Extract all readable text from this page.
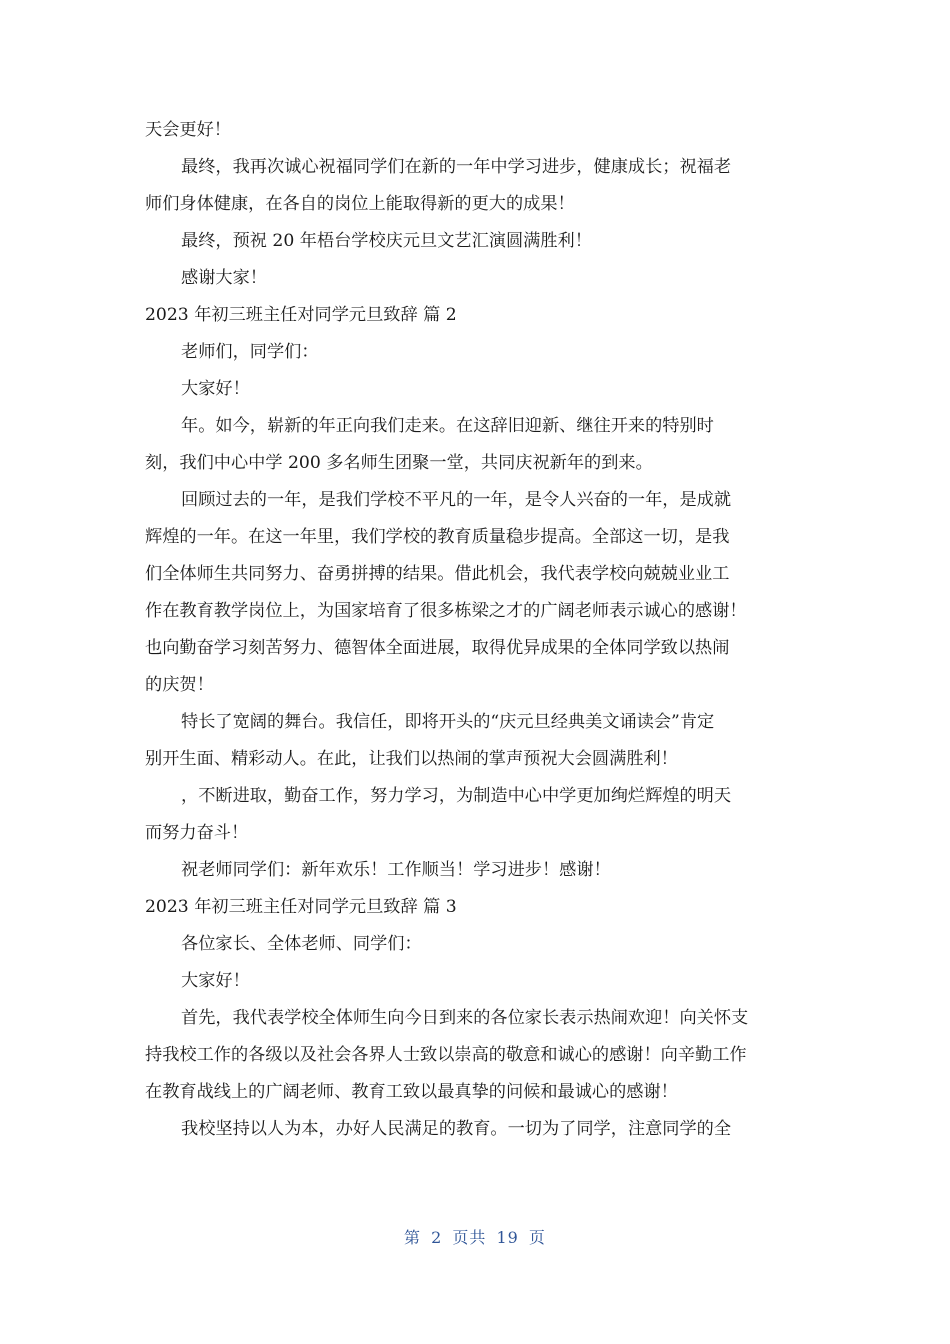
天会更好！
最终，我再次诚心祝福同学们在新的一年中学习进步，健康成长；祝福老
师们身体健康，在各自的岗位上能取得新的更大的成果！
最终，预祝 20 年梧台学校庆元旦文艺汇演圆满胜利！
感谢大家！
2023 年初三班主任对同学元旦致辞 篇 2
老师们，同学们：
大家好！
年。如今，崭新的年正向我们走来。在这辞旧迎新、继往开来的特别时
刻，我们中心中学 200 多名师生团聚一堂，共同庆祝新年的到来。
回顾过去的一年，是我们学校不平凡的一年，是令人兴奋的一年，是成就
辉煌的一年。在这一年里，我们学校的教育质量稳步提高。全部这一切，是我
们全体师生共同努力、奋勇拼搏的结果。借此机会，我代表学校向兢兢业业工
作在教育教学岗位上，为国家培育了很多栋梁之才的广阔老师表示诚心的感谢！
也向勤奋学习刻苦努力、德智体全面进展，取得优异成果的全体同学致以热闹
的庆贺！
特长了宽阔的舞台。我信任，即将开头的“庆元旦经典美文诵读会”肯定
别开生面、精彩动人。在此，让我们以热闹的掌声预祝大会圆满胜利！
，不断进取，勤奋工作，努力学习，为制造中心中学更加绚烂辉煌的明天
而努力奋斗！
祝老师同学们：新年欢乐！工作顺当！学习进步！感谢！
2023 年初三班主任对同学元旦致辞 篇 3
各位家长、全体老师、同学们：
大家好！
首先，我代表学校全体师生向今日到来的各位家长表示热闹欢迎！向关怀支
持我校工作的各级以及社会各界人士致以崇高的敬意和诚心的感谢！向辛勤工作
在教育战线上的广阔老师、教育工致以最真挚的问候和最诚心的感谢！
我校坚持以人为本，办好人民满足的教育。一切为了同学，注意同学的全
第 2 页共 19 页
